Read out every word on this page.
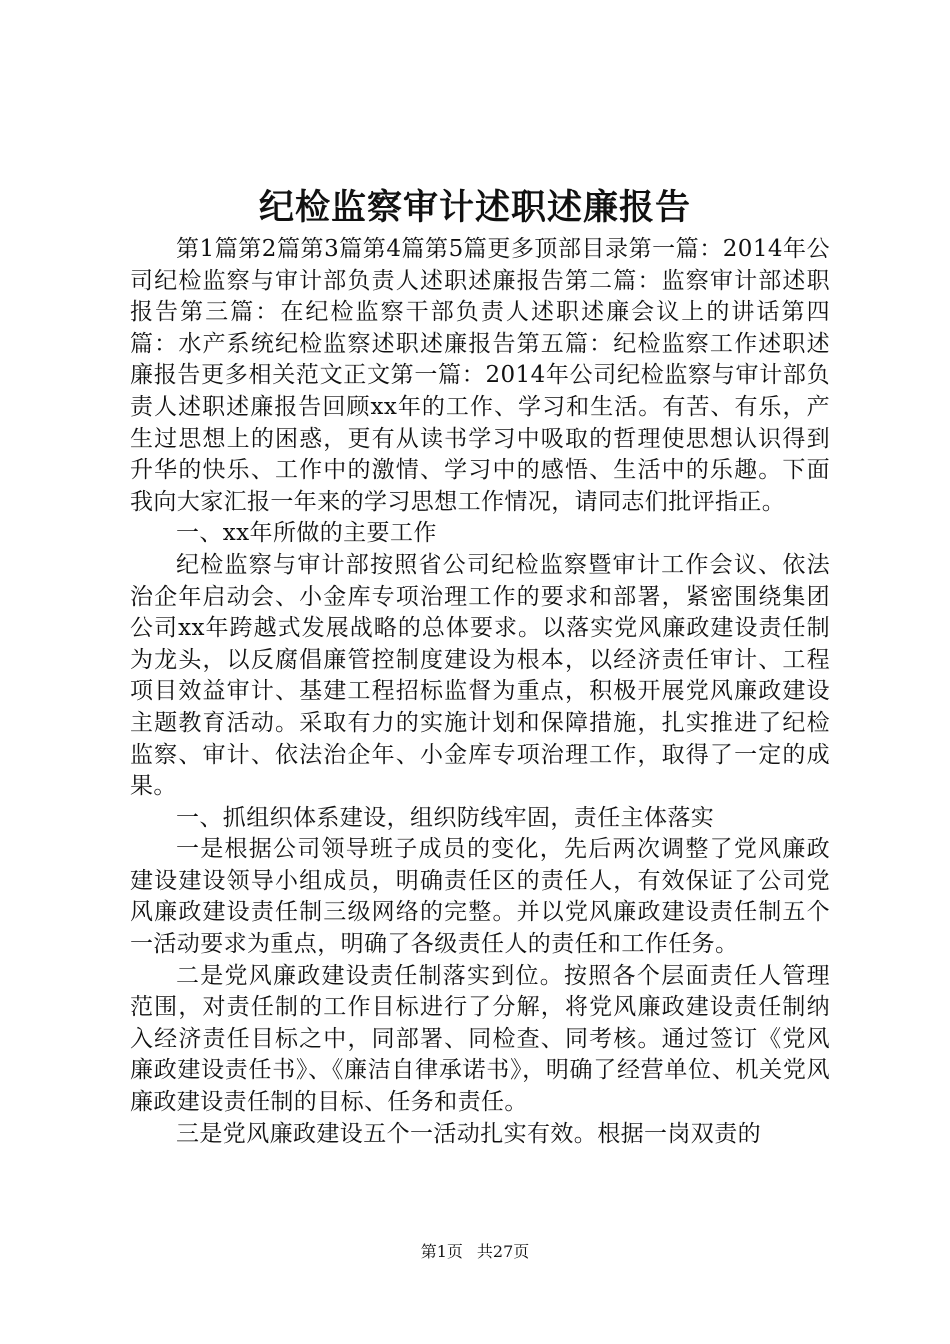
纪检监察审计述职述廉报告

第1篇第2篇第3篇第4篇第5篇更多顶部目录第一篇：2014年公司纪检监察与审计部负责人述职述廉报告第二篇：监察审计部述职报告第三篇：在纪检监察干部负责人述职述廉会议上的讲话第四篇：水产系统纪检监察述职述廉报告第五篇：纪检监察工作述职述廉报告更多相关范文正文第一篇：2014年公司纪检监察与审计部负责人述职述廉报告回顾xx年的工作、学习和生活。有苦、有乐，产生过思想上的困惑，更有从读书学习中吸取的哲理使思想认识得到升华的快乐、工作中的激情、学习中的感悟、生活中的乐趣。下面我向大家汇报一年来的学习思想工作情况，请同志们批评指正。

一、xx年所做的主要工作

纪检监察与审计部按照省公司纪检监察暨审计工作会议、依法治企年启动会、小金库专项治理工作的要求和部署，紧密围绕集团公司xx年跨越式发展战略的总体要求。以落实党风廉政建设责任制为龙头，以反腐倡廉管控制度建设为根本，以经济责任审计、工程项目效益审计、基建工程招标监督为重点，积极开展党风廉政建设主题教育活动。采取有力的实施计划和保障措施，扎实推进了纪检监察、审计、依法治企年、小金库专项治理工作，取得了一定的成果。

一、抓组织体系建设，组织防线牢固，责任主体落实

一是根据公司领导班子成员的变化，先后两次调整了党风廉政建设建设领导小组成员，明确责任区的责任人，有效保证了公司党风廉政建设责任制三级网络的完整。并以党风廉政建设责任制五个一活动要求为重点，明确了各级责任人的责任和工作任务。

二是党风廉政建设责任制落实到位。按照各个层面责任人管理范围，对责任制的工作目标进行了分解，将党风廉政建设责任制纳入经济责任目标之中，同部署、同检查、同考核。通过签订《党风廉政建设责任书》、《廉洁自律承诺书》，明确了经营单位、机关党风廉政建设责任制的目标、任务和责任。

三是党风廉政建设五个一活动扎实有效。根据一岗双责的

第1页 共27页
